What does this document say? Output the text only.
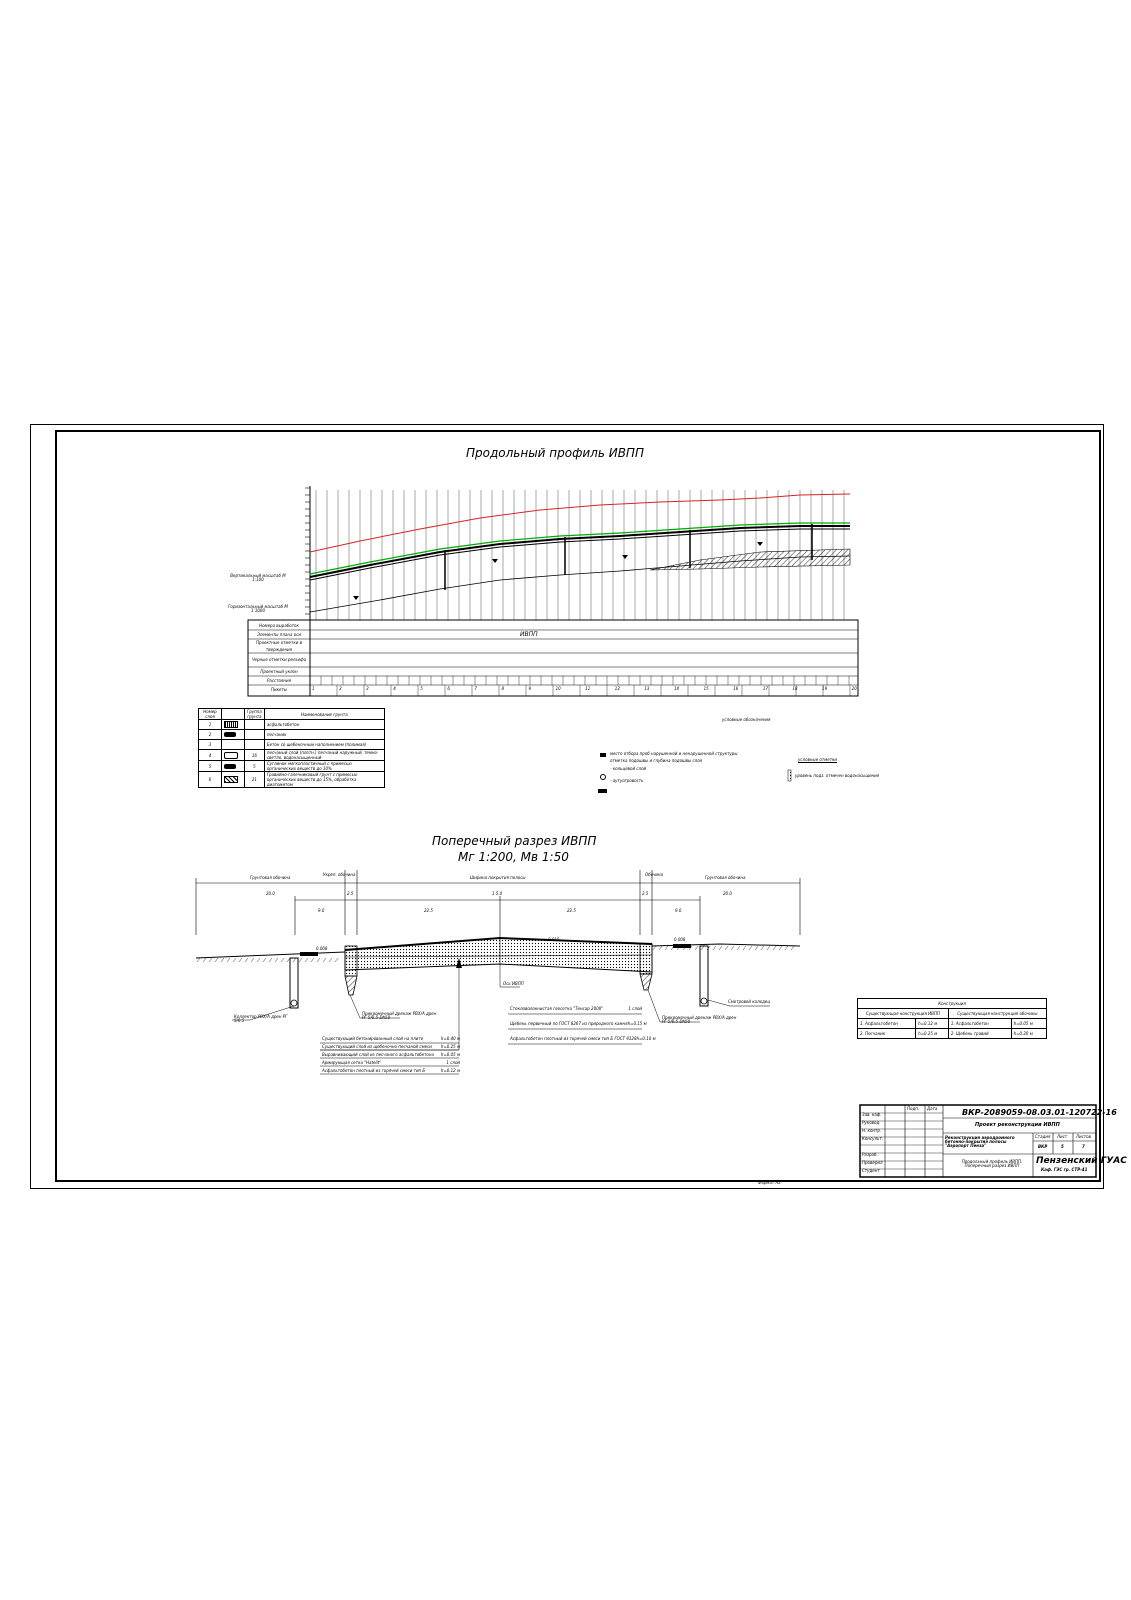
Продольный профиль ИВПП
Вертикальный масштаб М 1:100
Горизонтальный масштаб М 1:1000
Номера выработок
Элементы плана оси
Проектные отметки в тверждения
Черные отметки рельефа
Проектный уклон
Расстояния
Пикеты
ИВПП
1	2	3	4	5	6	7	8	9	10	11	12	13	14	15	16	17	18	19	20
Номер слоя		Группа грунта	Наименование грунта
1			асфальтобетон
2			песчаник
3			Бетон со щебеночным наполнением (полимая)
4		16	песчаный слой (плотн.) песчаный наружный, темно-светло, водонасыщенный
5		5	Суглинок мягкопластичный с примесью органических веществ до 10%
6		21	Гравийно-галечниковый грунт с примесью органических веществ до 15%, обработка диатомитом
условные обозначения
место отбора проб нарушенной и ненарушенной структуры
отметка подошвы и глубина подошвы слоя
- кольцевой слой
- аутуогровость
условные отметки
уровень подз. отмечен водонасыщения
Поперечный разрез ИВПП
Мг 1:200, Мв 1:50
Грунтовая обочина
Укреп. обочина
Ширина покрытия полосы
Обочина
Грунтовая обочина
20.0	2.5	1.5.0	2.5	20.0
9.0	22.5	22.5	9.0
0.008
0.015	0.008
Ось ИВПП
Коллектор РВХ/А дрен РГ 5/0.5
Прикромочный дренаж РВХ/А дрен РГ 5/0.5 Dh50	Прикромочный дренаж РВХ/А дрен РГ 5/0.5 Dh50
Смотровой колодец
Существующий бетонированный слой на плите	h=0.40 м
Существующий слой из щебеночно-песчаной смеси h=0.25 м
Выравнивающий слой из песчаного асфальтобетона h=0.05 м
Армирующая сетка "Hatelit"	1 слой
Асфальтобетон плотный из горячей смеси тип Б	h=0.12 м
Стекловолокнистая геосетка "Тенсар 2000"	1 слой
Щебень первичный по ГОСТ 8267 из природного камня h=0.15 м
Асфальтобетон плотный из горячей смеси тип Б ГОСТ 9128 h=0.10 м
Конструкция			
Существующая конструкция ИВПП		Существующая конструкция обочины	
1. Асфальтобетон	h=0.12 м	1. Асфальтобетон	h=0.05 м
2. Песчаник	h=0.25 м	2. Щебень гравий	h=0.20 м
ВКР-2089059-08.03.01-120722-16
Проект реконструкции ИВПП
Реконструкция аэродромного бетонно-покрытия полосы "Аэропорт Пенза"
Стадия Лист Листов
ВКР	5	7
Продольный профиль ИВПП. Поперечный разрез ИВПП	Пензенский ГУАС
Каф. ГЭС гр. СТР-41
Подп. Дата
Зав. каф.
Руковод.
Н. контр.
Консульт.
Разраб.
Проверил
Студент
Формат А2
